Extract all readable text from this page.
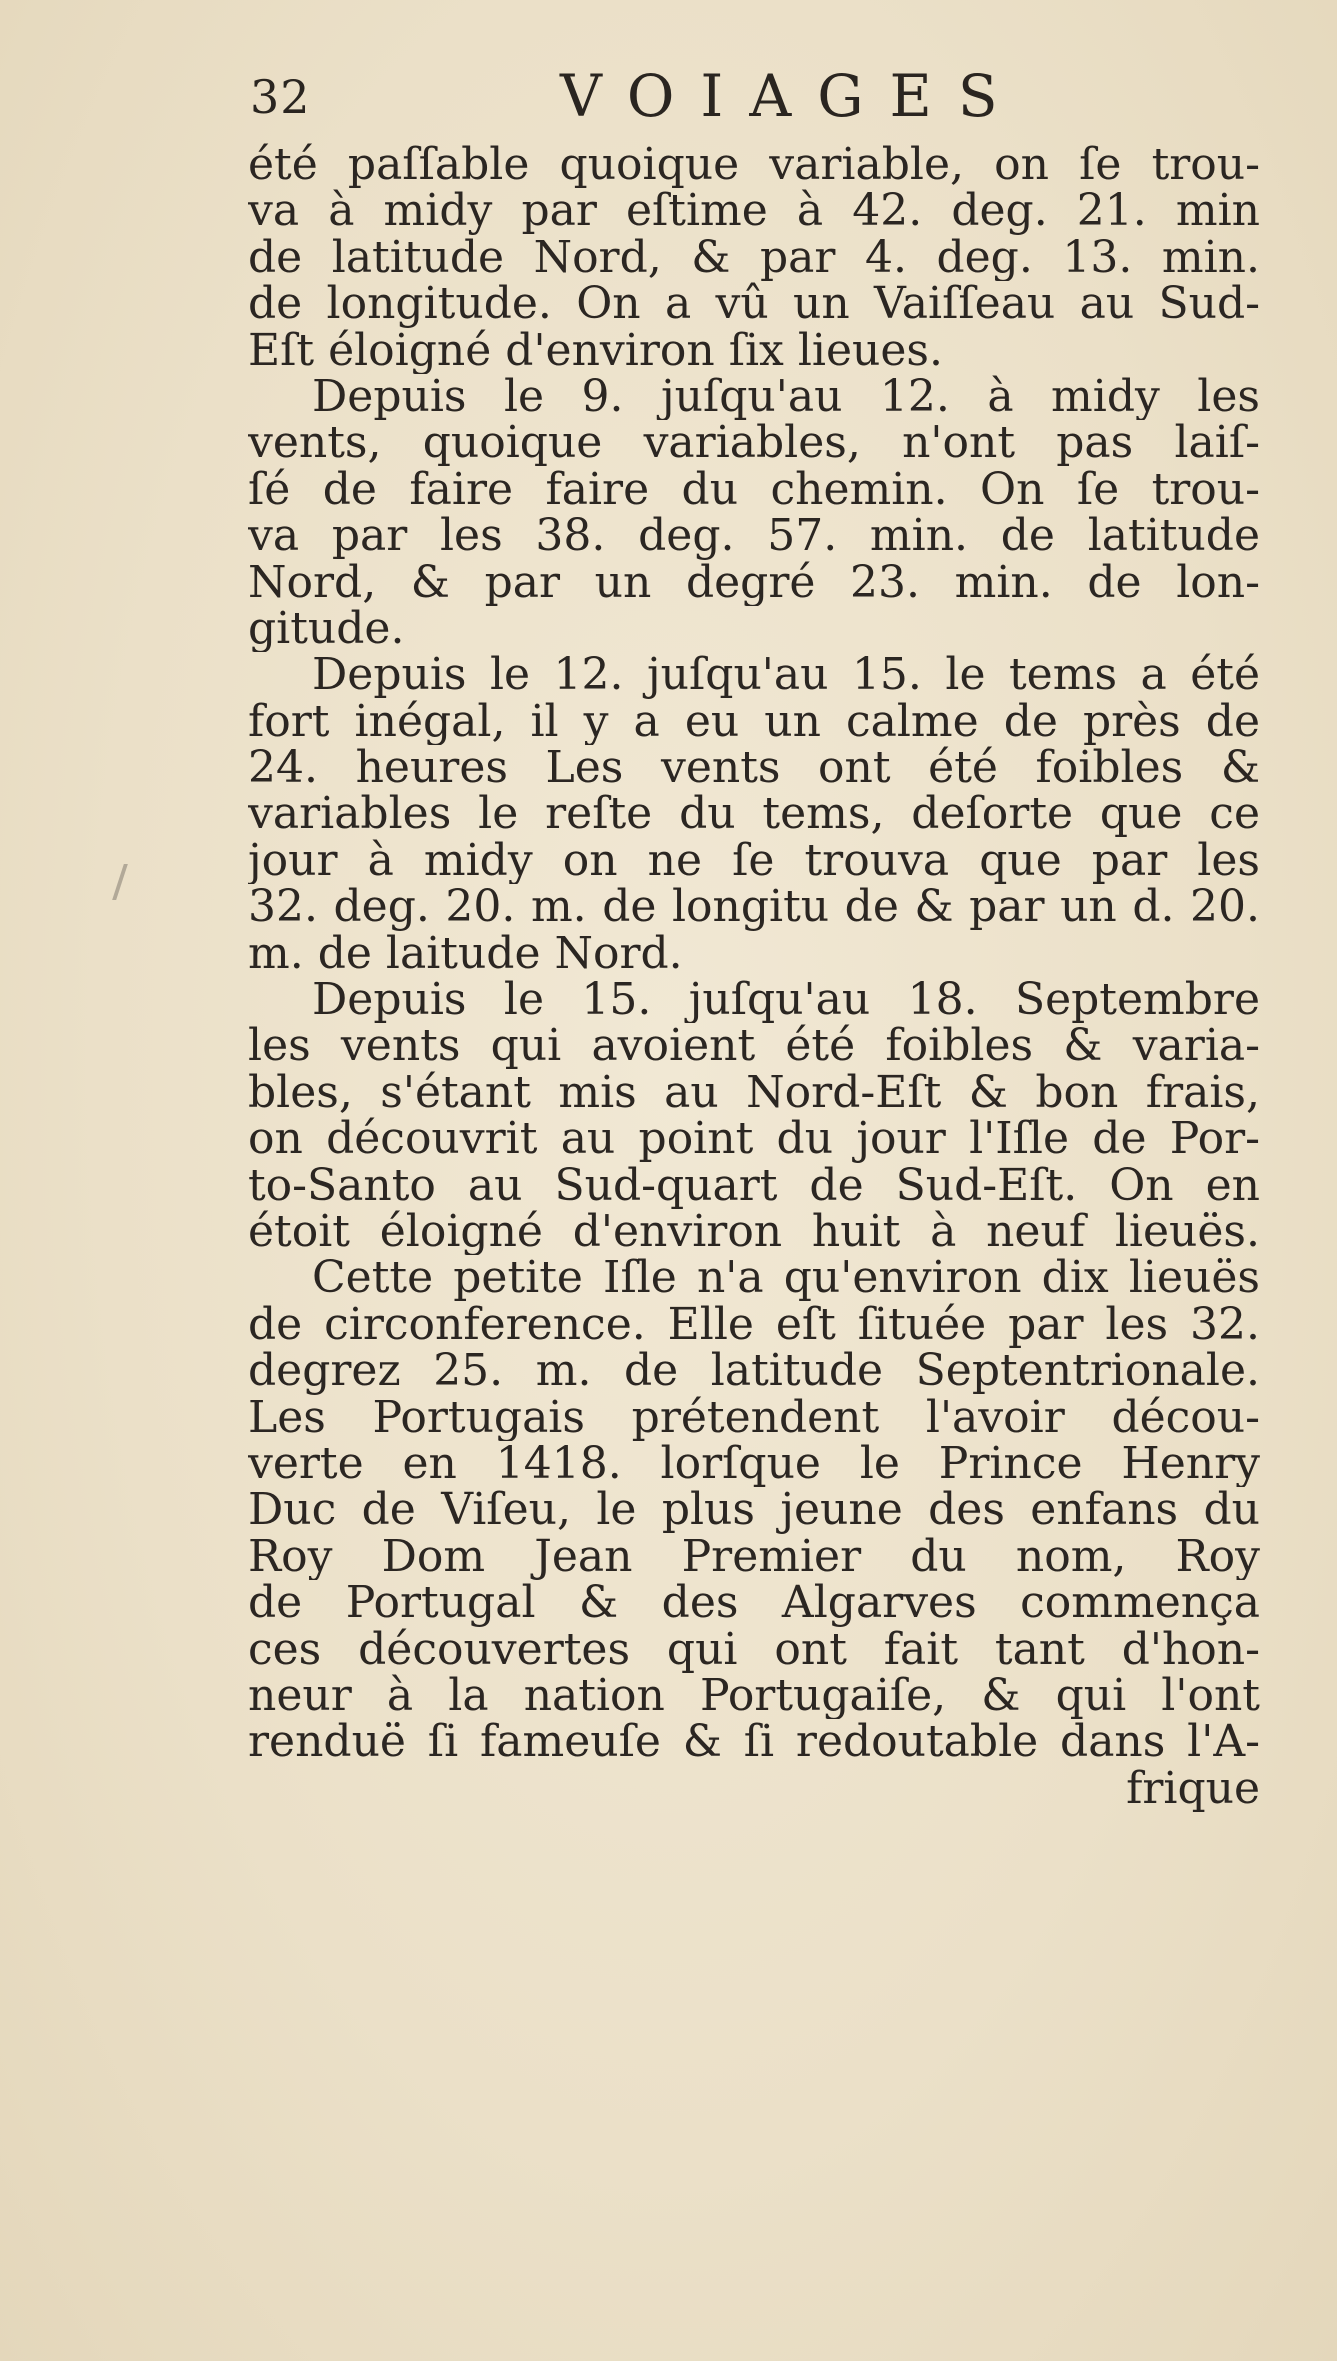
32	VOIAGES
été paſſable quoique variable, on ſe trou-
va à midy par eſtime à 42. deg. 21. min
de latitude Nord, & par 4. deg. 13. min.
de longitude. On a vû un Vaiſſeau au Sud-
Eſt éloigné d'environ ſix lieues.
Depuis le 9. juſqu'au 12. à midy les
vents, quoique variables, n'ont pas laiſ-
ſé de faire faire du chemin. On ſe trou-
va par les 38. deg. 57. min. de latitude
Nord, & par un degré 23. min. de lon-
gitude.
Depuis le 12. juſqu'au 15. le tems a été
fort inégal, il y a eu un calme de près de
24. heures Les vents ont été foibles &
variables le reſte du tems, deſorte que ce
jour à midy on ne ſe trouva que par les
32. deg. 20. m. de longitu de & par un d. 20.
m. de laitude Nord.
Depuis le 15. juſqu'au 18. Septembre
les vents qui avoient été foibles & varia-
bles, s'étant mis au Nord-Eſt & bon frais,
on découvrit au point du jour l'Iſle de Por-
to-Santo au Sud-quart de Sud-Eſt. On en
étoit éloigné d'environ huit à neuf lieuës.
Cette petite Iſle n'a qu'environ dix lieuës
de circonference. Elle eſt ſituée par les 32.
degrez 25. m. de latitude Septentrionale.
Les Portugais prétendent l'avoir décou-
verte en 1418. lorſque le Prince Henry
Duc de Viſeu, le plus jeune des enfans du
Roy Dom Jean Premier du nom, Roy
de Portugal & des Algarves commença
ces découvertes qui ont fait tant d'hon-
neur à la nation Portugaiſe, & qui l'ont
renduë ſi fameuſe & ſi redoutable dans l'A-
frique
